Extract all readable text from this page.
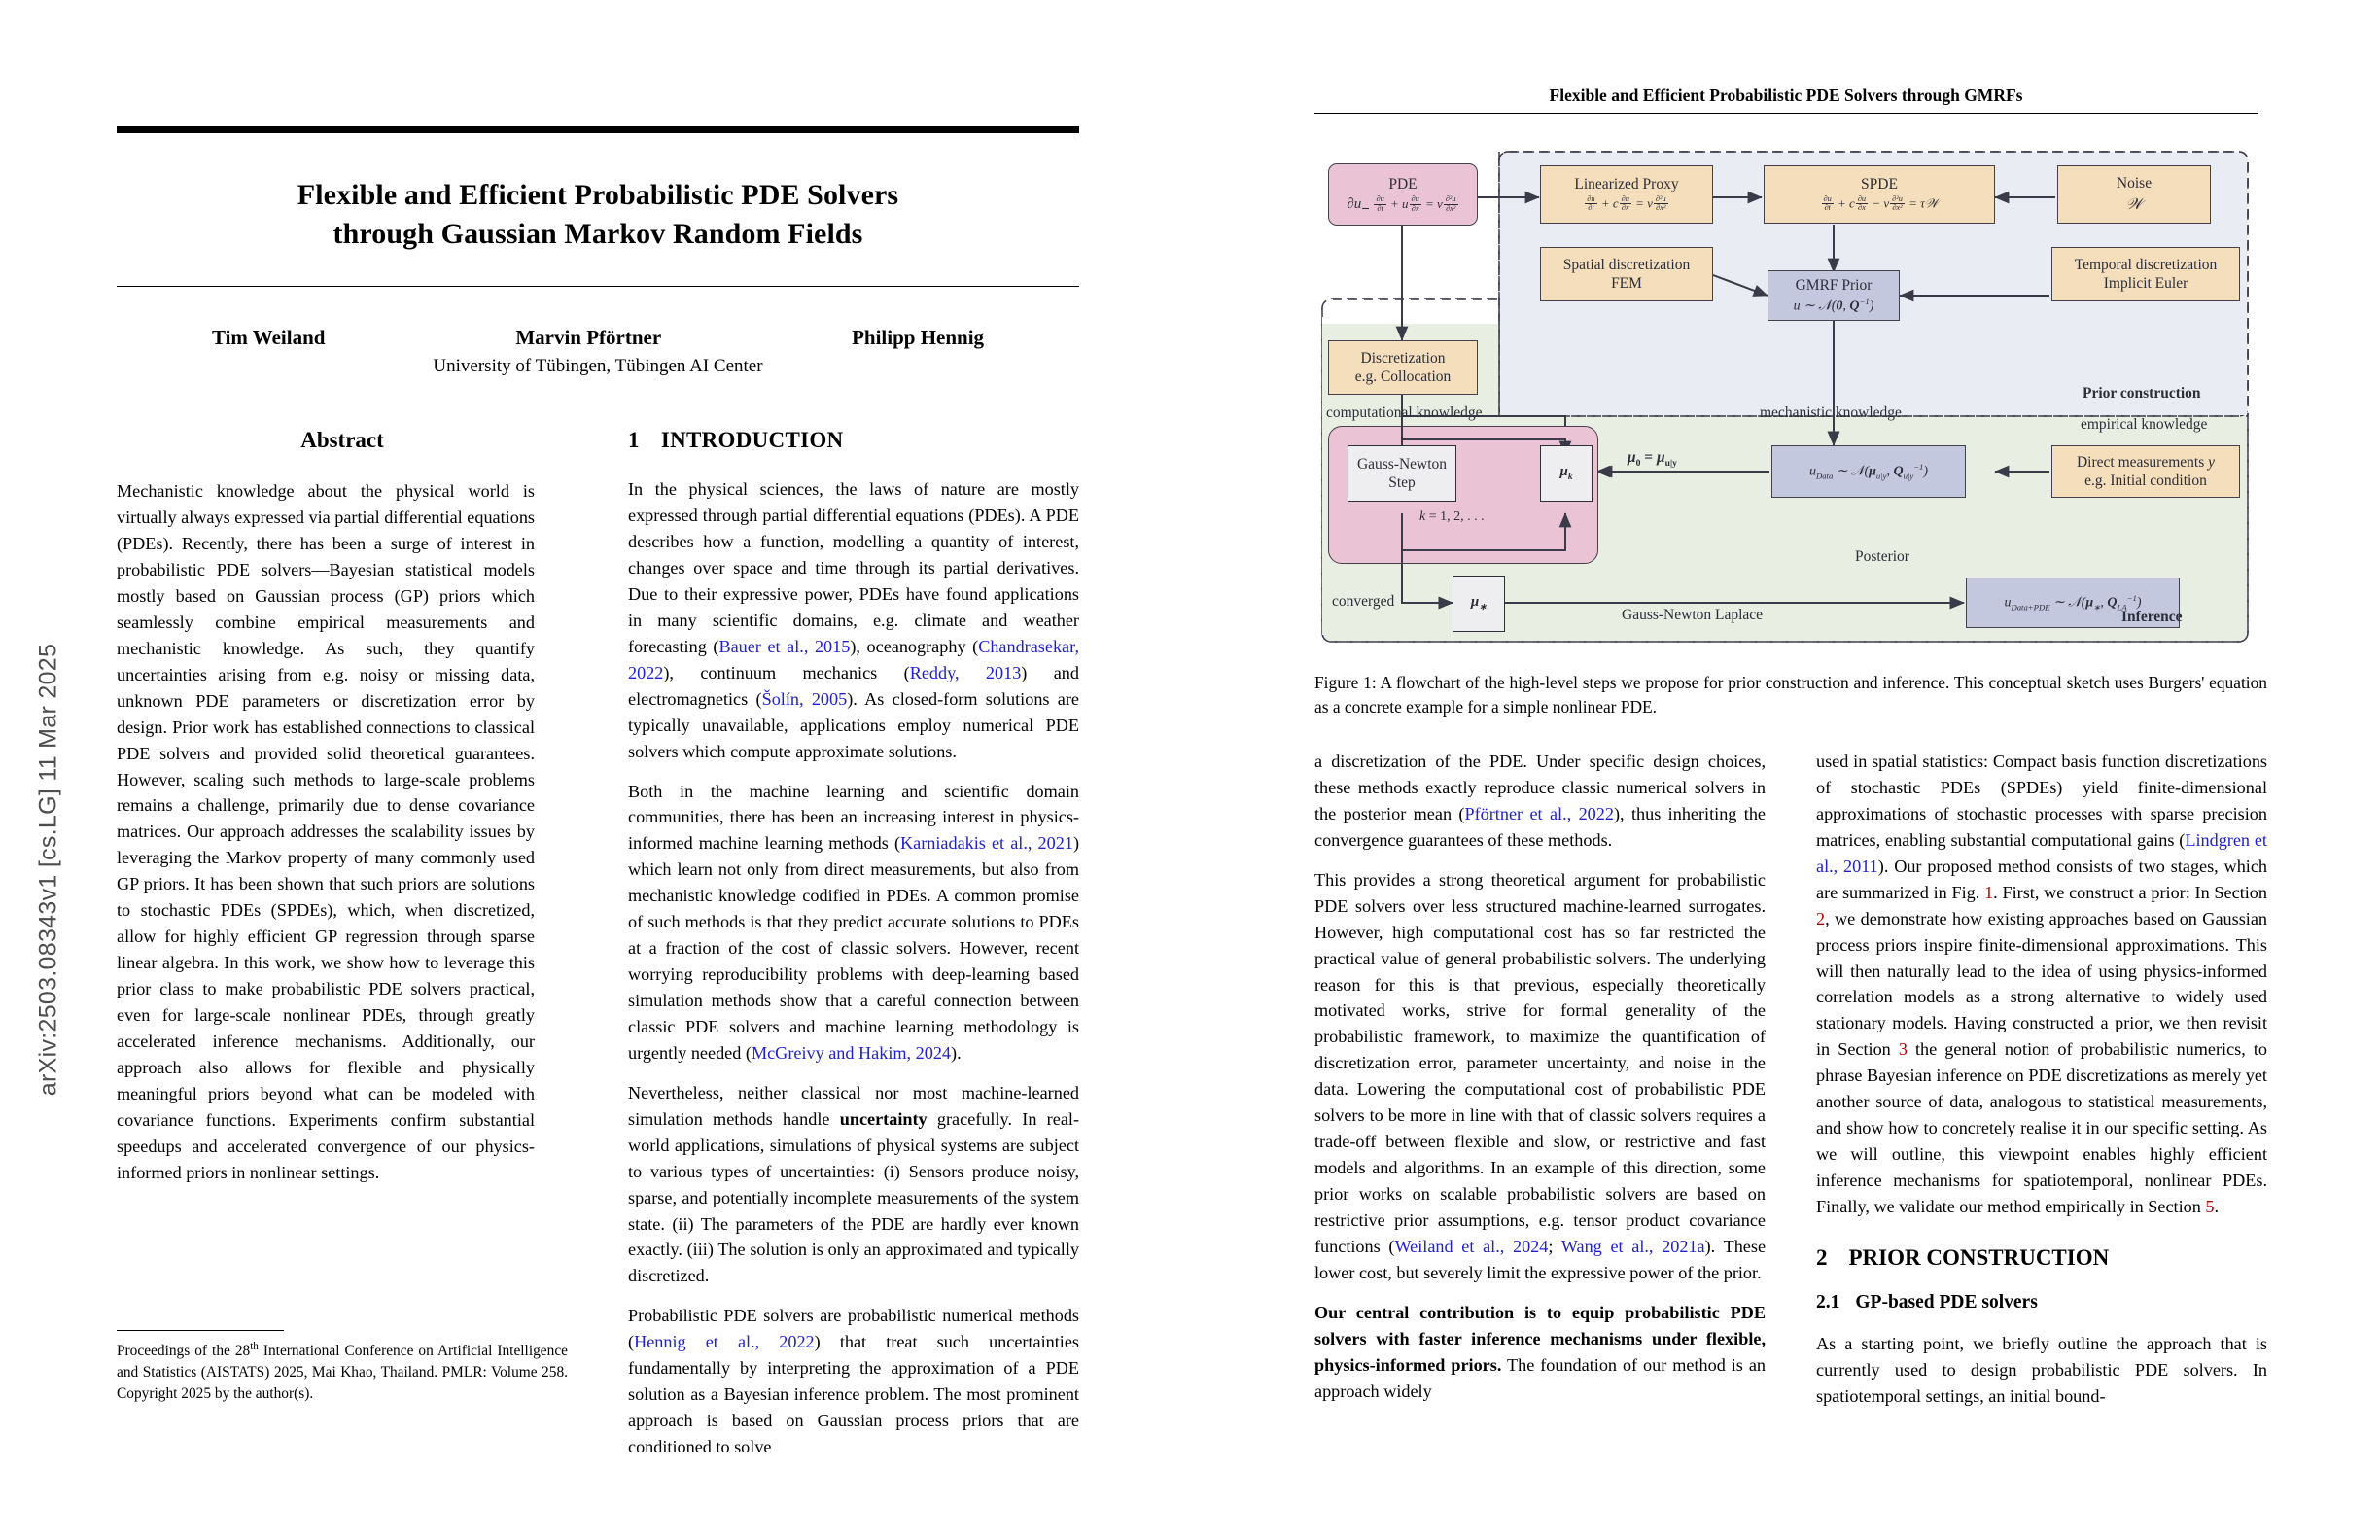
arXiv:2503.08343v1 [cs.LG] 11 Mar 2025
Flexible and Efficient Probabilistic PDE Solvers
through Gaussian Markov Random Fields
Tim Weiland	Marvin Pförtner	Philipp Hennig
University of Tübingen, Tübingen AI Center
Abstract

Mechanistic knowledge about the physical world is virtually always expressed via partial differential equations (PDEs). Recently, there has been a surge of interest in probabilistic PDE solvers—Bayesian statistical models mostly based on Gaussian process (GP) priors which seamlessly combine empirical measurements and mechanistic knowledge. As such, they quantify uncertainties arising from e.g. noisy or missing data, unknown PDE parameters or discretization error by design. Prior work has established connections to classical PDE solvers and provided solid theoretical guarantees. However, scaling such methods to large-scale problems remains a challenge, primarily due to dense covariance matrices. Our approach addresses the scalability issues by leveraging the Markov property of many commonly used GP priors. It has been shown that such priors are solutions to stochastic PDEs (SPDEs), which, when discretized, allow for highly efficient GP regression through sparse linear algebra. In this work, we show how to leverage this prior class to make probabilistic PDE solvers practical, even for large-scale nonlinear PDEs, through greatly accelerated inference mechanisms. Additionally, our approach also allows for flexible and physically meaningful priors beyond what can be modeled with covariance functions. Experiments confirm substantial speedups and accelerated convergence of our physics-informed priors in nonlinear settings.

1 INTRODUCTION

In the physical sciences, the laws of nature are mostly expressed through partial differential equations (PDEs). A PDE describes how a function, modelling a quantity of interest, changes over space and time through its partial derivatives. Due to their expressive power, PDEs have found applications in many scientific domains, e.g. climate and weather forecasting (Bauer et al., 2015), oceanography (Chandrasekar, 2022), continuum mechanics (Reddy, 2013) and electromagnetics (Šolín, 2005). As closed-form solutions are typically unavailable, applications employ numerical PDE solvers which compute approximate solutions.

Both in the machine learning and scientific domain communities, there has been an increasing interest in physics-informed machine learning methods (Karniadakis et al., 2021) which learn not only from direct measurements, but also from mechanistic knowledge codified in PDEs. A common promise of such methods is that they predict accurate solutions to PDEs at a fraction of the cost of classic solvers. However, recent worrying reproducibility problems with deep-learning based simulation methods show that a careful connection between classic PDE solvers and machine learning methodology is urgently needed (McGreivy and Hakim, 2024).

Nevertheless, neither classical nor most machine-learned simulation methods handle uncertainty gracefully. In real-world applications, simulations of physical systems are subject to various types of uncertainties: (i) Sensors produce noisy, sparse, and potentially incomplete measurements of the system state. (ii) The parameters of the PDE are hardly ever known exactly. (iii) The solution is only an approximated and typically discretized.

Probabilistic PDE solvers are probabilistic numerical methods (Hennig et al., 2022) that treat such uncertainties fundamentally by interpreting the approximation of a PDE solution as a Bayesian inference problem. The most prominent approach is based on Gaussian process priors that are conditioned to solve

Proceedings of the 28th International Conference on Artificial Intelligence and Statistics (AISTATS) 2025, Mai Khao, Thailand. PMLR: Volume 258. Copyright 2025 by the author(s).
Flexible and Efficient Probabilistic PDE Solvers through GMRFs
PDE
∂u

$\frac{\partial u}{\partial t} + u \frac{\partial u}{\partial x} = \nu \frac{\text{∂²u}}{\text{∂x²}}$
Linearized Proxy
$\frac{\partial u}{\partial t} + c \frac{\partial u}{\partial x} = \nu \frac{\text{∂²u}}{\text{∂x²}}$
SPDE
$\frac{\partial u}{\partial t} + c \frac{\partial u}{\partial x} - \nu \frac{\text{∂²u}}{\text{∂x²}}$ = τ𝒲
Noise
𝒲
Spatial discretization
FEM
Temporal discretization
Implicit Euler
GMRF Prior
u ∼ 𝒩(0, $Q^{-1}$)
Discretization
e.g. Collocation
Gauss-Newton
Step
$\mu_k$	$u_{Data}$ ∼ $𝒩(\mu_{u|y}$, $Q_{u|y}^{-1}$)
Direct measurements y
e.g. Initial condition
$\mu_∗$	$u_{Data+PDE}$ ∼ $𝒩(\mu_∗$, $Q_{LA}^{-1}$)
Prior construction
Inference
computational knowledge	mechanistic knowledge
empirical knowledge
k = 1, 2, . . .
$\mu_0 = \mu_{u|y}$
Posterior
converged
Gauss-Newton Laplace
Figure 1: A flowchart of the high-level steps we propose for prior construction and inference. This conceptual sketch uses Burgers' equation as a concrete example for a simple nonlinear PDE.

a discretization of the PDE. Under specific design choices, these methods exactly reproduce classic numerical solvers in the posterior mean (Pförtner et al., 2022), thus inheriting the convergence guarantees of these methods.

This provides a strong theoretical argument for probabilistic PDE solvers over less structured machine-learned surrogates. However, high computational cost has so far restricted the practical value of general probabilistic solvers. The underlying reason for this is that previous, especially theoretically motivated works, strive for formal generality of the probabilistic framework, to maximize the quantification of discretization error, parameter uncertainty, and noise in the data. Lowering the computational cost of probabilistic PDE solvers to be more in line with that of classic solvers requires a trade-off between flexible and slow, or restrictive and fast models and algorithms. In an example of this direction, some prior works on scalable probabilistic solvers are based on restrictive prior assumptions, e.g. tensor product covariance functions (Weiland et al., 2024; Wang et al., 2021a). These lower cost, but severely limit the expressive power of the prior.

Our central contribution is to equip probabilistic PDE solvers with faster inference mechanisms under flexible, physics-informed priors. The foundation of our method is an approach widely

used in spatial statistics: Compact basis function discretizations of stochastic PDEs (SPDEs) yield finite-dimensional approximations of stochastic processes with sparse precision matrices, enabling substantial computational gains (Lindgren et al., 2011). Our proposed method consists of two stages, which are summarized in Fig. 1. First, we construct a prior: In Section 2, we demonstrate how existing approaches based on Gaussian process priors inspire finite-dimensional approximations. This will then naturally lead to the idea of using physics-informed correlation models as a strong alternative to widely used stationary models. Having constructed a prior, we then revisit in Section 3 the general notion of probabilistic numerics, to phrase Bayesian inference on PDE discretizations as merely yet another source of data, analogous to statistical measurements, and show how to concretely realise it in our specific setting. As we will outline, this viewpoint enables highly efficient inference mechanisms for spatiotemporal, nonlinear PDEs. Finally, we validate our method empirically in Section 5.

2 PRIOR CONSTRUCTION
2.1 GP-based PDE solvers

As a starting point, we briefly outline the approach that is currently used to design probabilistic PDE solvers. In spatiotemporal settings, an initial bound-
